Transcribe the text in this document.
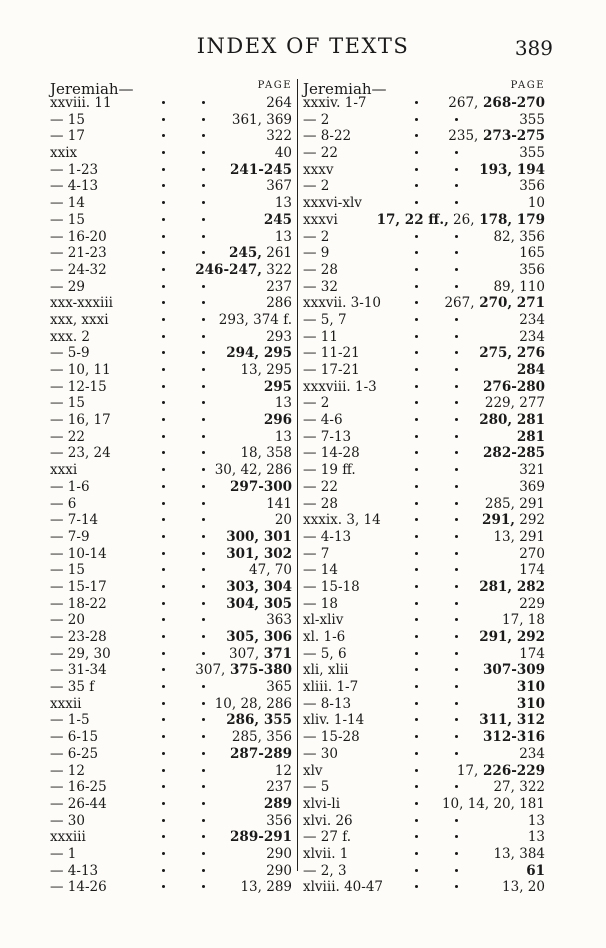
INDEX OF TEXTS	389
Jeremiah—	PAGE
xxviii. 11	264
— 15	361, 369
— 17	322
xxix	40
— 1-23	241-245
— 4-13	367
— 14	13
— 15	245
— 16-20	13
— 21-23	245, 261
— 24-32	246-247, 322
— 29	237
xxx-xxxiii	286
xxx, xxxi	293, 374 f.
xxx. 2	293
— 5-9	294, 295
— 10, 11	13, 295
— 12-15	295
— 15	13
— 16, 17	296
— 22	13
— 23, 24	18, 358
xxxi	30, 42, 286
— 1-6	297-300
— 6	141
— 7-14	20
— 7-9	300, 301
— 10-14	301, 302
— 15	47, 70
— 15-17	303, 304
— 18-22	304, 305
— 20	363
— 23-28	305, 306
— 29, 30	307, 371
— 31-34	307, 375-380
— 35 f	365
xxxii	10, 28, 286
— 1-5	286, 355
— 6-15	285, 356
— 6-25	287-289
— 12	12
— 16-25	237
— 26-44	289
— 30	356
xxxiii	289-291
— 1	290
— 4-13	290
— 14-26	13, 289
Jeremiah—	PAGE
xxxiv. 1-7	267, 268-270
— 2	355
— 8-22	235, 273-275
— 22	355
xxxv	193, 194
— 2	356
xxxvi-xlv	10
xxxvi	17, 22 ff., 26, 178, 179
— 2	82, 356
— 9	165
— 28	356
— 32	89, 110
xxxvii. 3-10	267, 270, 271
— 5, 7	234
— 11	234
— 11-21	275, 276
— 17-21	284
xxxviii. 1-3	276-280
— 2	229, 277
— 4-6	280, 281
— 7-13	281
— 14-28	282-285
— 19 ff.	321
— 22	369
— 28	285, 291
xxxix. 3, 14	291, 292
— 4-13	13, 291
— 7	270
— 14	174
— 15-18	281, 282
— 18	229
xl-xliv	17, 18
xl. 1-6	291, 292
— 5, 6	174
xli, xlii	307-309
xliii. 1-7	310
— 8-13	310
xliv. 1-14	311, 312
— 15-28	312-316
— 30	234
xlv	17, 226-229
— 5	27, 322
xlvi-li	10, 14, 20, 181
xlvi. 26	13
— 27 f.	13
xlvii. 1	13, 384
— 2, 3	61
xlviii. 40-47	13, 20
